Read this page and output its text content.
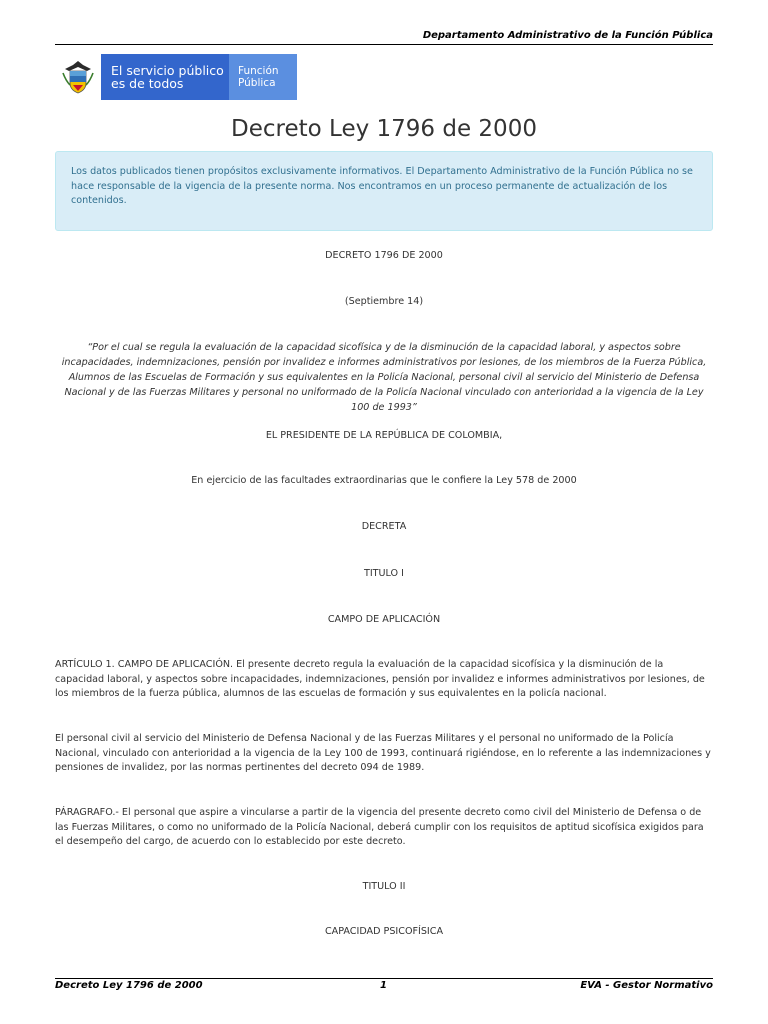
Departamento Administrativo de la Función Pública
El servicio público
es de todos
Función
Pública
Decreto Ley 1796 de 2000
Los datos publicados tienen propósitos exclusivamente informativos. El Departamento Administrativo de la Función Pública no se hace responsable de la vigencia de la presente norma. Nos encontramos en un proceso permanente de actualización de los contenidos.
DECRETO 1796 DE 2000
(Septiembre 14)
“Por el cual se regula la evaluación de la capacidad sicofísica y de la disminución de la capacidad laboral, y aspectos sobre incapacidades, indemnizaciones, pensión por invalidez e informes administrativos por lesiones, de los miembros de la Fuerza Pública, Alumnos de las Escuelas de Formación y sus equivalentes en la Policía Nacional, personal civil al servicio del Ministerio de Defensa Nacional y de las Fuerzas Militares y personal no uniformado de la Policía Nacional vinculado con anterioridad a la vigencia de la Ley 100 de 1993”
EL PRESIDENTE DE LA REPÚBLICA DE COLOMBIA,
En ejercicio de las facultades extraordinarias que le confiere la Ley 578 de 2000
DECRETA
TITULO I
CAMPO DE APLICACIÓN
ARTÍCULO 1. CAMPO DE APLICACIÓN. El presente decreto regula la evaluación de la capacidad sicofísica y la disminución de la capacidad laboral, y aspectos sobre incapacidades, indemnizaciones, pensión por invalidez e informes administrativos por lesiones, de los miembros de la fuerza pública, alumnos de las escuelas de formación y sus equivalentes en la policía nacional.
El personal civil al servicio del Ministerio de Defensa Nacional y de las Fuerzas Militares y el personal no uniformado de la Policía Nacional, vinculado con anterioridad a la vigencia de la Ley 100 de 1993, continuará rigiéndose, en lo referente a las indemnizaciones y pensiones de invalidez, por las normas pertinentes del decreto 094 de 1989.
PÁRAGRAFO.- El personal que aspire a vincularse a partir de la vigencia del presente decreto como civil del Ministerio de Defensa o de las Fuerzas Militares, o como no uniformado de la Policía Nacional, deberá cumplir con los requisitos de aptitud sicofísica exigidos para el desempeño del cargo, de acuerdo con lo establecido por este decreto.
TITULO II
CAPACIDAD PSICOFÍSICA
Decreto Ley 1796 de 2000	1	EVA - Gestor Normativo
